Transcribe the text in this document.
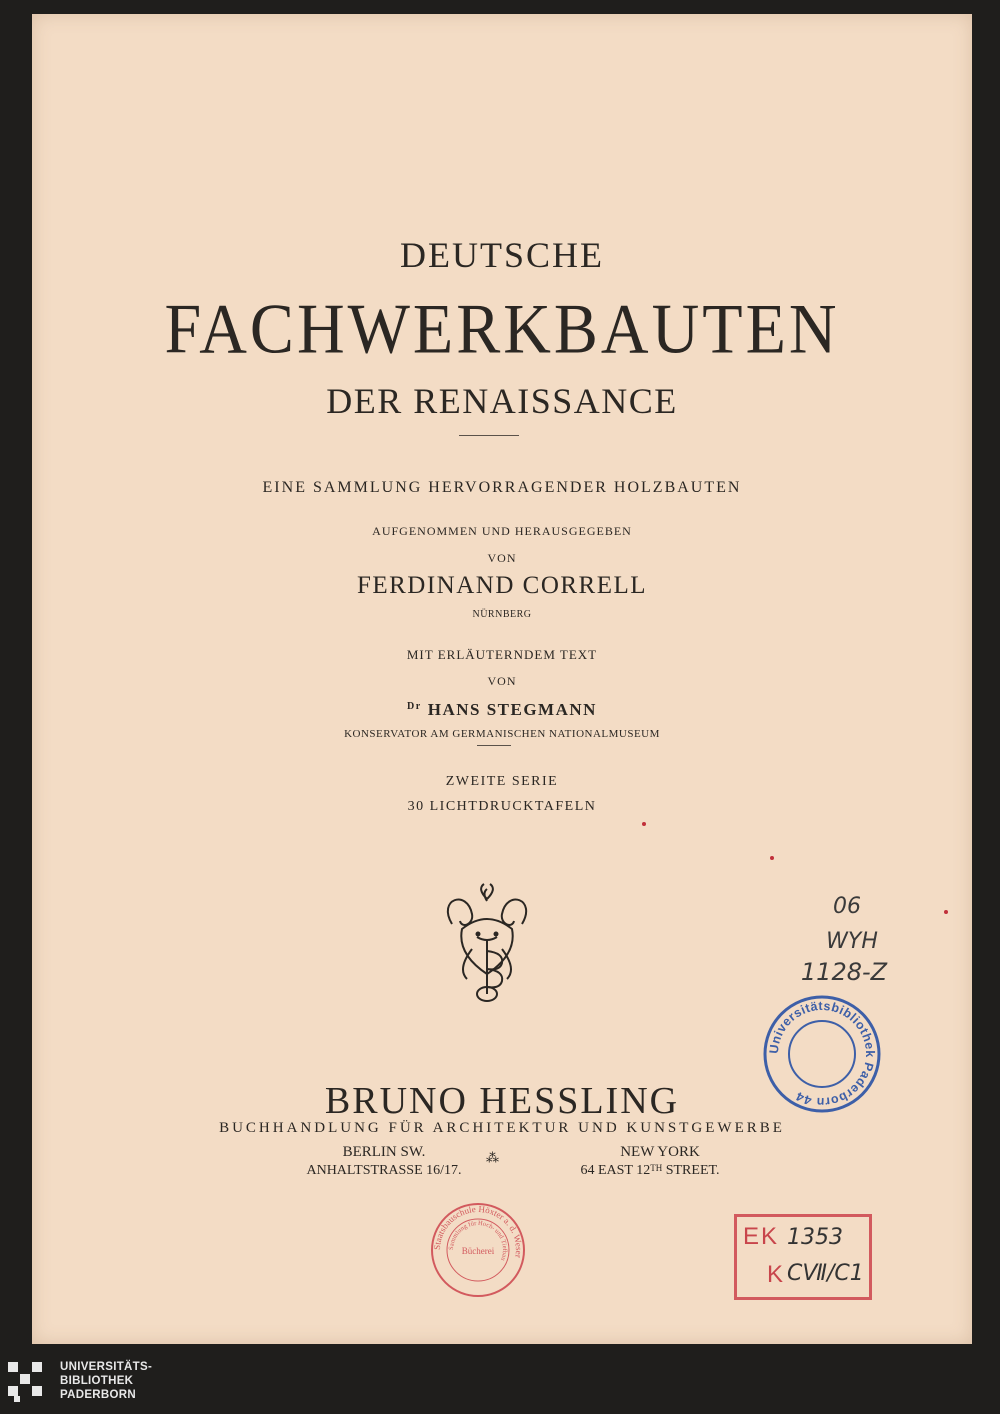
DEUTSCHE
FACHWERKBAUTEN
DER RENAISSANCE
EINE SAMMLUNG HERVORRAGENDER HOLZBAUTEN
AUFGENOMMEN UND HERAUSGEGEBEN
VON
FERDINAND CORRELL
NÜRNBERG
MIT ERLÄUTERNDEM TEXT
VON
$^{Dr}$ HANS STEGMANN
KONSERVATOR AM GERMANISCHEN NATIONALMUSEUM
ZWEITE SERIE
30 LICHTDRUCKTAFELN
BRUNO HESSLING
BUCHHANDLUNG FÜR ARCHITEKTUR UND KUNSTGEWERBE
BERLIN SW.
ANHALTSTRASSE 16/17.
⁂	NEW YORK
64 EAST 12TH STREET.
06
WYH
1128-Z
Universitätsbibliothek Paderborn 44
Staatsbauschule Höxter a. d. Weser
Sammlung für Hoch- und Tiefbau
Bücherei
EK 1353
K CⅦ/C1
UNIVERSITÄTS-
BIBLIOTHEK
PADERBORN
